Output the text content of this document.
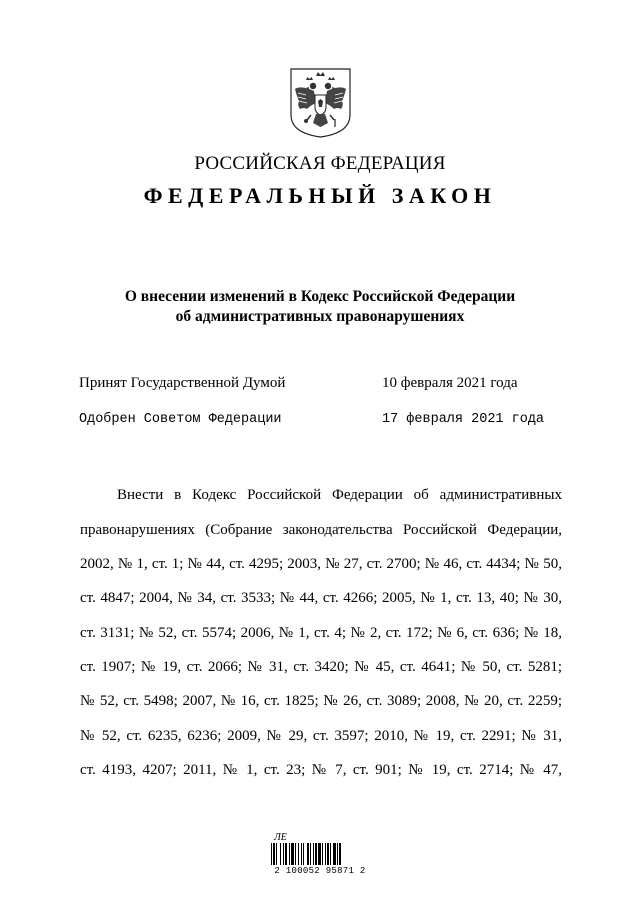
РОССИЙСКАЯ ФЕДЕРАЦИЯ
ФЕДЕРАЛЬНЫЙ ЗАКОН
О внесении изменений в Кодекс Российской Федерации
об административных правонарушениях
Принят Государственной Думой	10 февраля 2021 года
Одобрен Советом Федерации	17 февраля 2021 года
Внести в Кодекс Российской Федерации об административных
правонарушениях (Собрание законодательства Российской Федерации,
2002, № 1, ст. 1; № 44, ст. 4295; 2003, № 27, ст. 2700; № 46, ст. 4434; № 50,
ст. 4847; 2004, № 34, ст. 3533; № 44, ст. 4266; 2005, № 1, ст. 13, 40; № 30,
ст. 3131; № 52, ст. 5574; 2006, № 1, ст. 4; № 2, ст. 172; № 6, ст. 636; № 18,
ст. 1907; № 19, ст. 2066; № 31, ст. 3420; № 45, ст. 4641; № 50, ст. 5281;
№ 52, ст. 5498; 2007, № 16, ст. 1825; № 26, ст. 3089; 2008, № 20, ст. 2259;
№ 52, ст. 6235, 6236; 2009, № 29, ст. 3597; 2010, № 19, ст. 2291; № 31,
ст. 4193, 4207; 2011, № 1, ст. 23; № 7, ст. 901; № 19, ст. 2714; № 47,
ЛЕ
2 100052 95871 2
